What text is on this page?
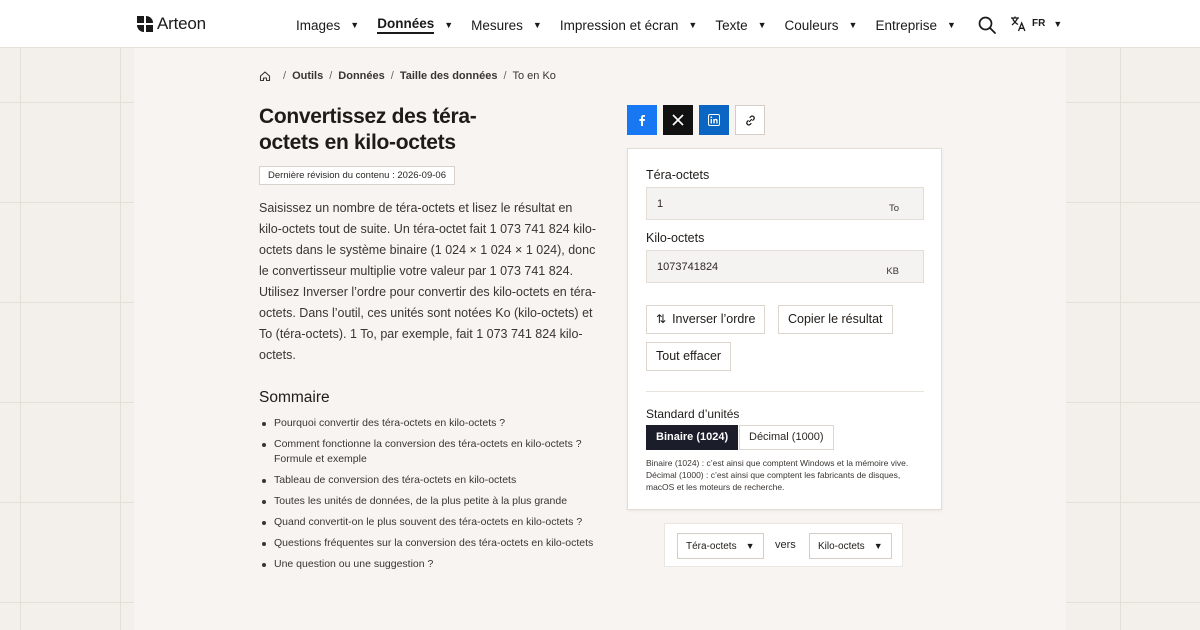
Arteon	Images ▼ Données ▼ Mesures ▼ Impression et écran ▼ Texte ▼ Couleurs ▼ Entreprise ▼	FR ▼
/ Outils / Données / Taille des données / To en Ko
Convertissez des téra-octets en kilo-octets
Dernière révision du contenu : 2026-09-06

Saisissez un nombre de téra-octets et lisez le résultat en kilo-octets tout de suite. Un téra-octet fait 1 073 741 824 kilo-octets dans le système binaire (1 024 × 1 024 × 1 024), donc le convertisseur multiplie votre valeur par 1 073 741 824. Utilisez Inverser l’ordre pour convertir des kilo-octets en téra-octets. Dans l’outil, ces unités sont notées Ko (kilo-octets) et To (téra-octets). 1 To, par exemple, fait 1 073 741 824 kilo-octets.

Sommaire
Pourquoi convertir des téra-octets en kilo-octets ?
Comment fonctionne la conversion des téra-octets en kilo-octets ? Formule et exemple
Tableau de conversion des téra-octets en kilo-octets
Toutes les unités de données, de la plus petite à la plus grande
Quand convertit-on le plus souvent des téra-octets en kilo-octets ?
Questions fréquentes sur la conversion des téra-octets en kilo-octets
Une question ou une suggestion ?
Téra-octets
1	To
Kilo-octets
1073741824	KB
⇅ Inverser l’ordre	Copier le résultat
Tout effacer
Standard d’unités
Binaire (1024)	Décimal (1000)

Binaire (1024) : c’est ainsi que comptent Windows et la mémoire vive. Décimal (1000) : c’est ainsi que comptent les fabricants de disques, macOS et les moteurs de recherche.

Téra-octets ▼	vers	Kilo-octets ▼
